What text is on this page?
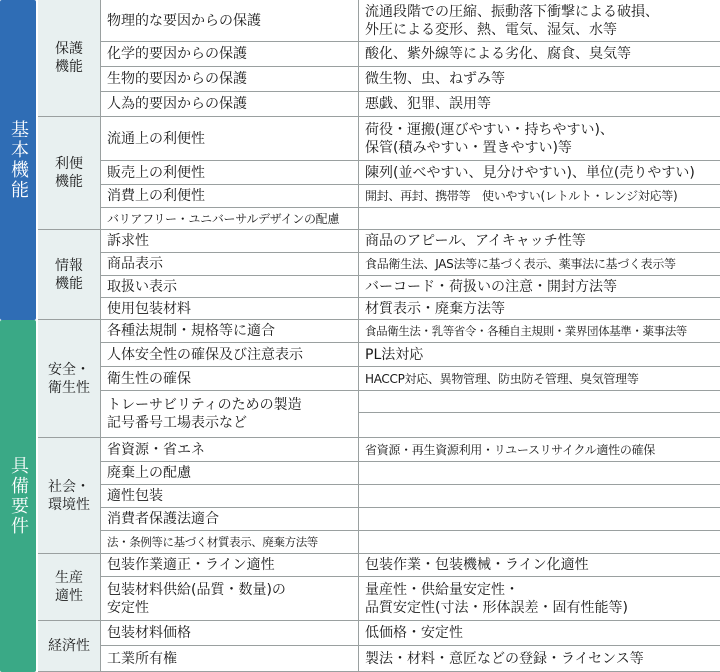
基本機能
具備要件
保護
機能
利便
機能
情報
機能
安全・
衛生性
社会・
環境性
生産
適性
経済性
物理的な要因からの保護
化学的要因からの保護
生物的要因からの保護
人為的要因からの保護
流通上の利便性
販売上の利便性
消費上の利便性
バリアフリー・ユニバーサルデザインの配慮
訴求性
商品表示
取扱い表示
使用包装材料
各種法規制・規格等に適合
人体安全性の確保及び注意表示
衛生性の確保
トレーサビリティのための製造
記号番号工場表示など
省資源・省エネ
廃棄上の配慮
適性包装
消費者保護法適合
法・条例等に基づく材質表示、廃棄方法等
包装作業適正・ライン適性
包装材料供給(品質・数量)の
安定性
包装材料価格
工業所有権
流通段階での圧縮、振動落下衝撃による破損、
外圧による変形、熱、電気、湿気、水等
酸化、紫外線等による劣化、腐食、臭気等
微生物、虫、ねずみ等
悪戯、犯罪、誤用等
荷役・運搬(運びやすい・持ちやすい)、
保管(積みやすい・置きやすい)等
陳列(並べやすい、見分けやすい)、単位(売りやすい)
開封、再封、携帯等　使いやすい(レトルト・レンジ対応等)
商品のアピール、アイキャッチ性等
食品衛生法、JAS法等に基づく表示、薬事法に基づく表示等
バーコード・荷扱いの注意・開封方法等
材質表示・廃棄方法等
食品衛生法・乳等省令・各種自主規則・業界団体基準・薬事法等
PL法対応
HACCP対応、異物管理、防虫防そ管理、臭気管理等
省資源・再生資源利用・リユースリサイクル適性の確保
包装作業・包装機械・ライン化適性
量産性・供給量安定性・
品質安定性(寸法・形体誤差・固有性能等)
低価格・安定性
製法・材料・意匠などの登録・ライセンス等
